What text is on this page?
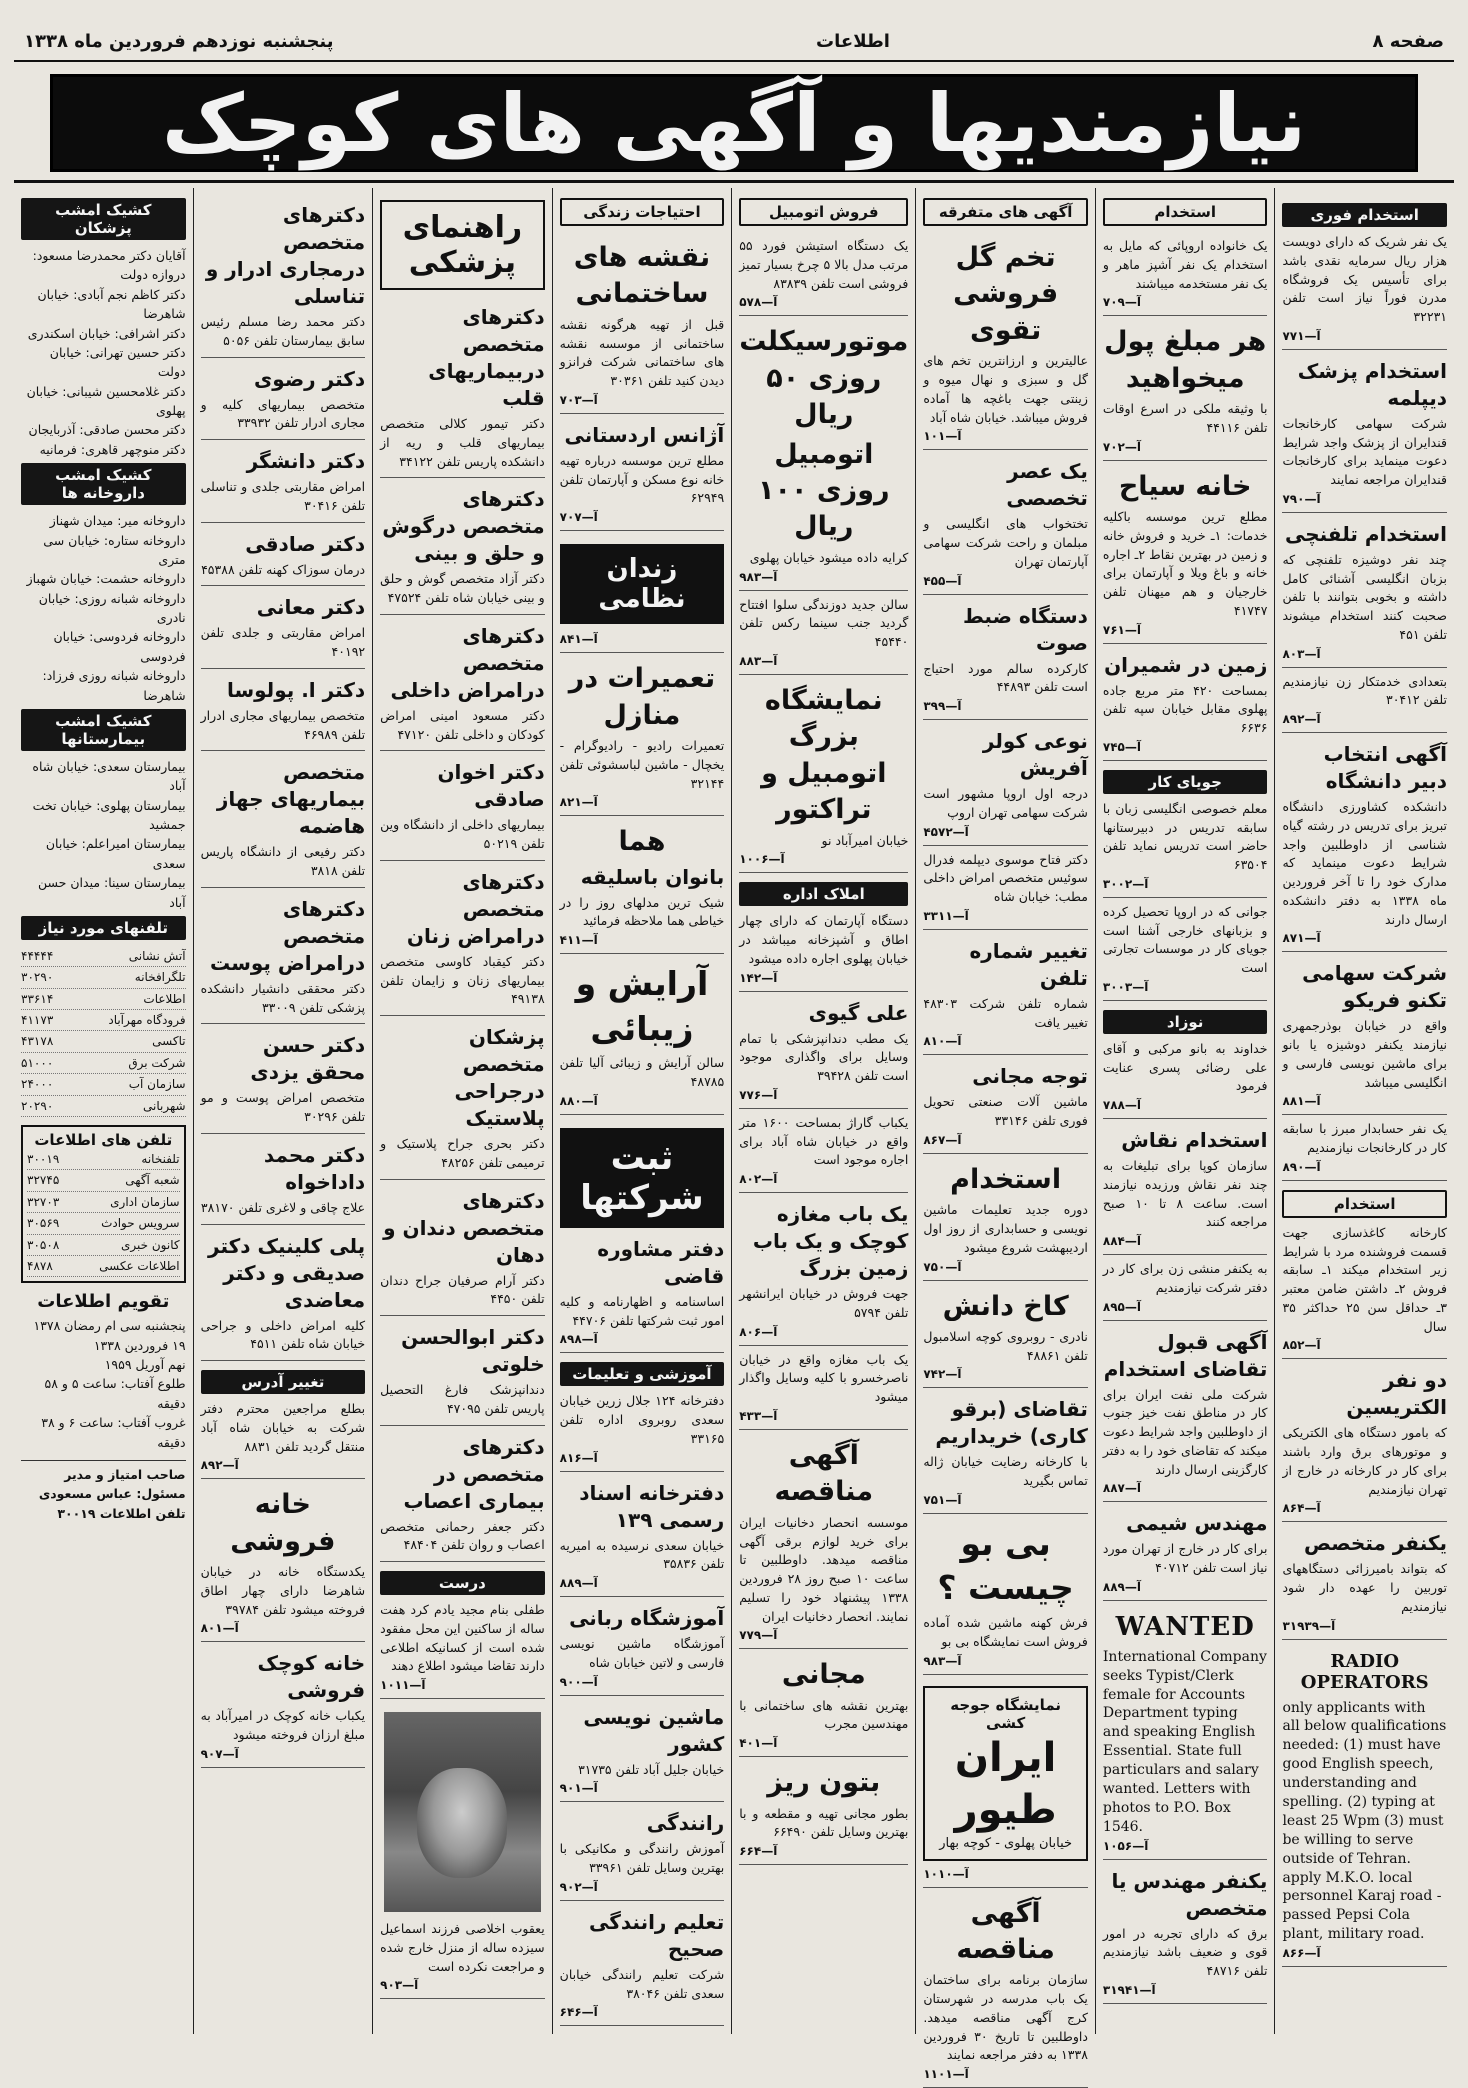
صفحه ۸
اطلاعات
پنجشنبه نوزدهم فروردین ماه ۱۳۳۸
نیازمندیها و آگهی های کوچک
استخدام فوری
یک نفر شریک که دارای دویست هزار ریال سرمایه نقدی باشد برای تأسیس یک فروشگاه مدرن فوراً نیاز است تلفن ۳۲۲۳۱
آ—۷۷۱
استخدام پزشک دیپلمه
شرکت سهامی کارخانجات قندایران از پزشک واجد شرایط دعوت مینماید برای کارخانجات قندایران مراجعه نمایند
آ—۷۹۰
استخدام تلفنچی
چند نفر دوشیزه تلفنچی که بزبان انگلیسی آشنائی کامل داشته و بخوبی بتوانند با تلفن صحبت کنند استخدام میشوند تلفن ۴۵۱
آ—۸۰۳
بتعدادی خدمتکار زن نیازمندیم تلفن ۳۰۴۱۲
آ—۸۹۲
آگهی انتخاب دبیر دانشگاه
دانشکده کشاورزی دانشگاه تبریز برای تدریس در رشته گیاه شناسی از داوطلبین واجد شرایط دعوت مینماید که مدارک خود را تا آخر فروردین ماه ۱۳۳۸ به دفتر دانشکده ارسال دارند
آ—۸۷۱
شرکت سهامی تکنو فریکو
واقع در خیابان بوذرجمهری نیازمند یکنفر دوشیزه یا بانو برای ماشین نویسی فارسی و انگلیسی میباشد
آ—۸۸۱
یک نفر حسابدار مبرز با سابقه کار در کارخانجات نیازمندیم
آ—۸۹۰
استخدام
کارخانه کاغذسازی جهت قسمت فروشنده مرد با شرایط زیر استخدام میکند ۱ـ سابقه فروش ۲ـ داشتن ضامن معتبر ۳ـ حداقل سن ۲۵ حداکثر ۳۵ سال
آ—۸۵۲
دو نفر الکتریسین
که بامور دستگاه های الکتریکی و موتورهای برق وارد باشند برای کار در کارخانه در خارج از تهران نیازمندیم
آ—۸۶۴
یکنفر متخصص
که بتواند بامیرزائی دستگاههای توربین را عهده دار شود نیازمندیم
آ—۳۱۹۳۹
RADIO OPERATORS
only applicants with all below qualifications needed: (1) must have good English speech, understanding and spelling. (2) typing at least 25 Wpm (3) must be willing to serve outside of Tehran. apply M.K.O. local personnel Karaj road - passed Pepsi Cola plant, military road.
آ—۸۶۶
استخدام
یک خانواده اروپائی که مایل به استخدام یک نفر آشپز ماهر و یک نفر مستخدمه میباشند
آ—۷۰۹
هر مبلغ پول میخواهید
با وثیقه ملکی در اسرع اوقات تلفن ۴۴۱۱۶
آ—۷۰۲
خانه سیاح
مطلع ترین موسسه باکلیه خدمات: ۱ـ خرید و فروش خانه و زمین در بهترین نقاط ۲ـ اجاره خانه و باغ ویلا و آپارتمان برای خارجیان و هم میهنان تلفن ۴۱۷۴۷
آ—۷۶۱
زمین در شمیران
بمساحت ۴۲۰ متر مربع جاده پهلوی مقابل خیابان سپه تلفن ۶۶۳۶
آ—۷۴۵
جویای کار
معلم خصوصی انگلیسی زبان با سابقه تدریس در دبیرستانها حاضر است تدریس نماید تلفن ۶۳۵۰۴
آ—۳۰۰۲
جوانی که در اروپا تحصیل کرده و بزبانهای خارجی آشنا است جویای کار در موسسات تجارتی است
آ—۳۰۰۳
نوزاد
خداوند به بانو مرکبی و آقای علی رضائی پسری عنایت فرمود
آ—۷۸۸
استخدام نقاش
سازمان کوپا برای تبلیغات به چند نفر نقاش ورزیده نیازمند است. ساعت ۸ تا ۱۰ صبح مراجعه کنند
آ—۸۸۴
به یکنفر منشی زن برای کار در دفتر شرکت نیازمندیم
آ—۸۹۵
آگهی قبول تقاضای استخدام
شرکت ملی نفت ایران برای کار در مناطق نفت خیز جنوب از داوطلبین واجد شرایط دعوت میکند که تقاضای خود را به دفتر کارگزینی ارسال دارند
آ—۸۸۷
مهندس شیمی
برای کار در خارج از تهران مورد نیاز است تلفن ۴۰۷۱۲
آ—۸۸۹
WANTED
International Company seeks Typist/Clerk female for Accounts Department typing and speaking English Essential. State full particulars and salary wanted. Letters with photos to P.O. Box 1546.
آ—۱۰۵۶
یکنفر مهندس یا متخصص
برق که دارای تجربه در امور قوی و ضعیف باشد نیازمندیم تلفن ۴۸۷۱۶
آ—۳۱۹۴۱
آگهی های متفرقه
تخم گل فروشی تقوی
عالیترین و ارزانترین تخم های گل و سبزی و نهال میوه و زینتی جهت باغچه ها آماده فروش میباشد. خیابان شاه آباد
آ—۱۰۱
یک عصر تخصصی
تختخواب های انگلیسی و مبلمان و راحت شرکت سهامی آپارتمان تهران
آ—۴۵۵
دستگاه ضبط صوت
کارکرده سالم مورد احتیاج است تلفن ۴۴۸۹۳
آ—۳۹۹
نوعی کولر آفریش
درجه اول اروپا مشهور است شرکت سهامی تهران اروپ
آ—۴۵۷۲
دکتر فتاح موسوی دیپلمه فدرال سوئیس متخصص امراض داخلی مطب: خیابان شاه
آ—۳۳۱۱
تغییر شماره تلفن
شماره تلفن شرکت ۴۸۳۰۳ تغییر یافت
آ—۸۱۰
توجه مجانی
ماشین آلات صنعتی تحویل فوری تلفن ۳۳۱۴۶
آ—۸۶۷
استخدام
دوره جدید تعلیمات ماشین نویسی و حسابداری از روز اول اردیبهشت شروع میشود
آ—۷۵۰
کاخ دانش
نادری - روبروی کوچه اسلامبول تلفن ۴۸۸۶۱
آ—۷۴۲
تقاضای (برقو کاری) خریداریم
با کارخانه رضایت خیابان ژاله تماس بگیرید
آ—۷۵۱
بی بو چیست ؟
فرش کهنه ماشین شده آماده فروش است نمایشگاه بی بو
آ—۹۸۳
نمایشگاه جوجه کشی
ایران طیور
خیابان پهلوی - کوچه بهار
آ—۱۰۱۰
آگهی مناقصه
سازمان برنامه برای ساختمان یک باب مدرسه در شهرستان کرج آگهی مناقصه میدهد. داوطلبین تا تاریخ ۳۰ فروردین ۱۳۳۸ به دفتر مراجعه نمایند
آ—۱۱۰۱
فروش اتومبیل
یک دستگاه استیشن فورد ۵۵ مرتب مدل بالا ۵ چرخ بسیار تمیز فروشی است تلفن ۸۳۸۳۹
آ—۵۷۸
موتورسیکلت روزی ۵۰ ریال
اتومبیل روزی ۱۰۰ ریال
کرایه داده میشود خیابان پهلوی
آ—۹۸۳
سالن جدید دوزندگی سلوا افتتاح گردید جنب سینما رکس تلفن ۴۵۴۴۰
آ—۸۸۳
نمایشگاه بزرگ اتومبیل و تراکتور
خیابان امیرآباد نو
آ—۱۰۰۶
املاک اداره
دستگاه آپارتمان که دارای چهار اطاق و آشپزخانه میباشد در خیابان پهلوی اجاره داده میشود
آ—۱۴۲
علی گیوی
یک مطب دندانپزشکی با تمام وسایل برای واگذاری موجود است تلفن ۳۹۴۲۸
آ—۷۷۶
یکباب گاراژ بمساحت ۱۶۰۰ متر واقع در خیابان شاه آباد برای اجاره موجود است
آ—۸۰۲
یک باب مغازه کوچک و یک باب زمین بزرگ
جهت فروش در خیابان ایرانشهر تلفن ۵۷۹۴
آ—۸۰۶
یک باب مغازه واقع در خیابان ناصرخسرو با کلیه وسایل واگذار میشود
آ—۴۳۳
آگهی مناقصه
موسسه انحصار دخانیات ایران برای خرید لوازم برقی آگهی مناقصه میدهد. داوطلبین تا ساعت ۱۰ صبح روز ۲۸ فروردین ۱۳۳۸ پیشنهاد خود را تسلیم نمایند. انحصار دخانیات ایران
آ—۷۷۹
مجانی
بهترین نقشه های ساختمانی با مهندسین مجرب
آ—۴۰۱
بتون ریز
بطور مجانی تهیه و مقطعه و با بهترین وسایل تلفن ۶۶۴۹۰
آ—۶۶۴
احتیاجات زندگی
نقشه های ساختمانی
قبل از تهیه هرگونه نقشه ساختمانی از موسسه نقشه های ساختمانی شرکت فرانزو دیدن کنید تلفن ۳۰۳۶۱
آ—۷۰۳
آژانس اردستانی
مطلع ترین موسسه درباره تهیه خانه نوع مسکن و آپارتمان تلفن ۶۲۹۴۹
آ—۷۰۷
زندان نظامی
آ—۸۴۱
تعمیرات در منازل
تعمیرات رادیو - رادیوگرام - یخچال - ماشین لباسشوئی تلفن ۳۲۱۴۴
آ—۸۲۱
هما
بانوان باسلیقه
شیک ترین مدلهای روز را در خیاطی هما ملاحظه فرمائید
آ—۴۱۱
آرایش و زیبائی
سالن آرایش و زیبائی آلیا تلفن ۴۸۷۸۵
آ—۸۸۰
ثبت شرکتها
دفتر مشاوره قاضی
اساسنامه و اظهارنامه و کلیه امور ثبت شرکتها تلفن ۴۴۷۰۶
آ—۸۹۸
آموزشی و تعلیمات
دفترخانه ۱۲۴ جلال زرین خیابان سعدی روبروی اداره تلفن ۳۳۱۶۵
آ—۸۱۶
دفترخانه اسناد رسمی ۱۳۹
خیابان سعدی نرسیده به امیریه تلفن ۳۵۸۳۶
آ—۸۸۹
آموزشگاه ربانی
آموزشگاه ماشین نویسی فارسی و لاتین خیابان شاه
آ—۹۰۰
ماشین نویسی کشور
خیابان جلیل آباد تلفن ۳۱۷۳۵
آ—۹۰۱
رانندگی
آموزش رانندگی و مکانیکی با بهترین وسایل تلفن ۳۳۹۶۱
آ—۹۰۲
تعلیم رانندگی صحیح
شرکت تعلیم رانندگی خیابان سعدی تلفن ۳۸۰۴۶
آ—۶۴۶
راهنمای پزشکی
دکترهای متخصص دربیماریهای قلب
دکتر تیمور کلالی متخصص بیماریهای قلب و ریه از دانشکده پاریس تلفن ۳۴۱۲۲
دکترهای متخصص درگوش و حلق و بینی
دکتر آزاد متخصص گوش و حلق و بینی خیابان شاه تلفن ۴۷۵۲۴
دکترهای متخصص درامراض داخلی
دکتر مسعود امینی امراض کودکان و داخلی تلفن ۴۷۱۲۰
دکتر اخوان صادقی
بیماریهای داخلی از دانشگاه وین تلفن ۵۰۲۱۹
دکترهای متخصص درامراض زنان
دکتر کیقباد کاوسی متخصص بیماریهای زنان و زایمان تلفن ۴۹۱۳۸
پزشکان متخصص درجراحی پلاستیک
دکتر بحری جراح پلاستیک و ترمیمی تلفن ۴۸۲۵۶
دکترهای متخصص دندان و دهان
دکتر آرام صرفیان جراح دندان تلفن ۴۴۵۰
دکتر ابوالحسن خلوتی
دندانپزشک فارغ التحصیل پاریس تلفن ۴۷۰۹۵
دکترهای متخصص در بیماری اعصاب
دکتر جعفر رحمانی متخصص اعصاب و روان تلفن ۴۸۴۰۴
درست
طفلی بنام مجید یادم کرد هفت ساله از ساکنین این محل مفقود شده است از کسانیکه اطلاعی دارند تقاضا میشود اطلاع دهند
آ—۱۰۱۱
یعقوب اخلاصی فرزند اسماعیل سیزده ساله از منزل خارج شده و مراجعت نکرده است
آ—۹۰۳
دکترهای متخصص درمجاری ادرار و تناسلی
دکتر محمد رضا مسلم رئیس سابق بیمارستان تلفن ۵۰۵۶
دکتر رضوی
متخصص بیماریهای کلیه و مجاری ادرار تلفن ۳۳۹۳۲
دکتر دانشگر
امراض مقاربتی جلدی و تناسلی تلفن ۳۰۴۱۶
دکتر صادقی
درمان سوزاک کهنه تلفن ۴۵۳۸۸
دکتر معانی
امراض مقاربتی و جلدی تلفن ۴۰۱۹۲
دکتر ا. پولوسا
متخصص بیماریهای مجاری ادرار تلفن ۴۶۹۸۹
متخصص بیماریهای جهاز هاضمه
دکتر رفیعی از دانشگاه پاریس تلفن ۳۸۱۸
دکترهای متخصص درامراض پوست
دکتر محققی دانشیار دانشکده پزشکی تلفن ۳۳۰۰۹
دکتر حسن محقق یزدی
متخصص امراض پوست و مو تلفن ۳۰۲۹۶
دکتر محمد داداخواه
علاج چاقی و لاغری تلفن ۳۸۱۷۰
پلی کلینیک دکتر صدیقی و دکتر معاضدی
کلیه امراض داخلی و جراحی خیابان شاه تلفن ۴۵۱۱
تغییر آدرس
بطلع مراجعین محترم دفتر شرکت به خیابان شاه آباد منتقل گردید تلفن ۸۸۳۱
آ—۸۹۲
خانه فروشی
یکدستگاه خانه در خیابان شاهرضا دارای چهار اطاق فروخته میشود تلفن ۳۹۷۸۴
آ—۸۰۱
خانه کوچک فروشی
یکباب خانه کوچک در امیرآباد به مبلغ ارزان فروخته میشود
آ—۹۰۷
کشیک امشب پزشکان
آقایان دکتر محمدرضا مسعود: دروازه دولت
دکتر کاظم نجم آبادی: خیابان شاهرضا
دکتر اشرافی: خیابان اسکندری
دکتر حسین تهرانی: خیابان دولت
دکتر غلامحسین شیبانی: خیابان پهلوی
دکتر محسن صادقی: آذربایجان
دکتر منوچهر قاهری: فرمانیه
کشیک امشب داروخانه ها
داروخانه میر: میدان شهناز
داروخانه ستاره: خیابان سی متری
داروخانه حشمت: خیابان شهباز
داروخانه شبانه روزی: خیابان نادری
داروخانه فردوسی: خیابان فردوسی
داروخانه شبانه روزی فرزاد: شاهرضا
کشیک امشب بیمارستانها
بیمارستان سعدی: خیابان شاه آباد
بیمارستان پهلوی: خیابان تخت جمشید
بیمارستان امیراعلم: خیابان سعدی
بیمارستان سینا: میدان حسن آباد
تلفنهای مورد نیاز
آتش نشانی
۴۴۴۴۴
تلگرافخانه
۳۰۲۹۰
اطلاعات
۳۳۶۱۴
فرودگاه مهرآباد
۴۱۱۷۳
تاکسی
۴۳۱۷۸
شرکت برق
۵۱۰۰۰
سازمان آب
۲۴۰۰۰
شهربانی
۲۰۲۹۰
تلفن های اطلاعات
تلفنخانه
۳۰۰۱۹
شعبه آگهی
۳۲۷۴۵
سازمان اداری
۳۲۷۰۳
سرویس حوادث
۳۰۵۶۹
کانون خبری
۳۰۵۰۸
اطلاعات عکسی
۴۸۷۸
تقویم اطلاعات
پنجشنبه سی ام رمضان ۱۳۷۸
۱۹ فروردین ۱۳۳۸
نهم آوریل ۱۹۵۹
طلوع آفتاب: ساعت ۵ و ۵۸ دقیقه
غروب آفتاب: ساعت ۶ و ۳۸ دقیقه
صاحب امتیاز و مدیر مسئول: عباس مسعودی
تلفن اطلاعات ۳۰۰۱۹
